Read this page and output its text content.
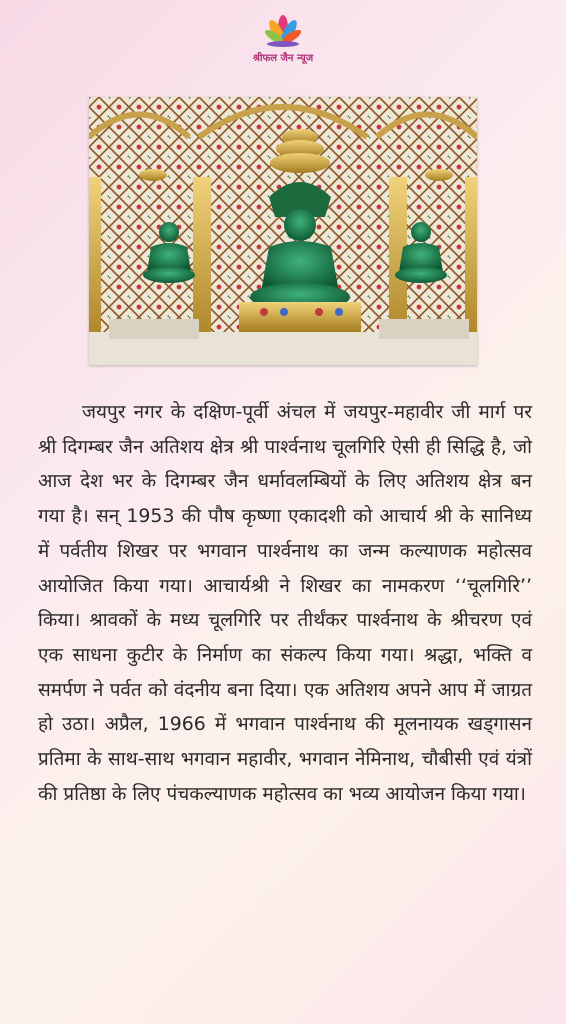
श्रीफल जैन न्यूज
जयपुर नगर के दक्षिण-पूर्वी अंचल में जयपुर-महावीर जी मार्ग पर श्री दिगम्बर जैन अतिशय क्षेत्र श्री पार्श्वनाथ चूलगिरि ऐसी ही सिद्धि है, जो आज देश भर के दिगम्बर जैन धर्मावलम्बियों के लिए अतिशय क्षेत्र बन गया है। सन् 1953 की पौष कृष्णा एकादशी को आचार्य श्री के सानिध्य में पर्वतीय शिखर पर भगवान पार्श्वनाथ का जन्म कल्याणक महोत्सव आयोजित किया गया। आचार्यश्री ने शिखर का नामकरण ‘‘चूलगिरि’’ किया। श्रावकों के मध्य चूलगिरि पर तीर्थंकर पार्श्वनाथ के श्रीचरण एवं एक साधना कुटीर के निर्माण का संकल्प किया गया। श्रद्धा, भक्ति व समर्पण ने पर्वत को वंदनीय बना दिया। एक अतिशय अपने आप में जाग्रत हो उठा। अप्रैल, 1966 में भगवान पार्श्वनाथ की मूलनायक खड्गासन प्रतिमा के साथ-साथ भगवान महावीर, भगवान नेमिनाथ, चौबीसी एवं यंत्रों की प्रतिष्ठा के लिए पंचकल्याणक महोत्सव का भव्य आयोजन किया गया।
